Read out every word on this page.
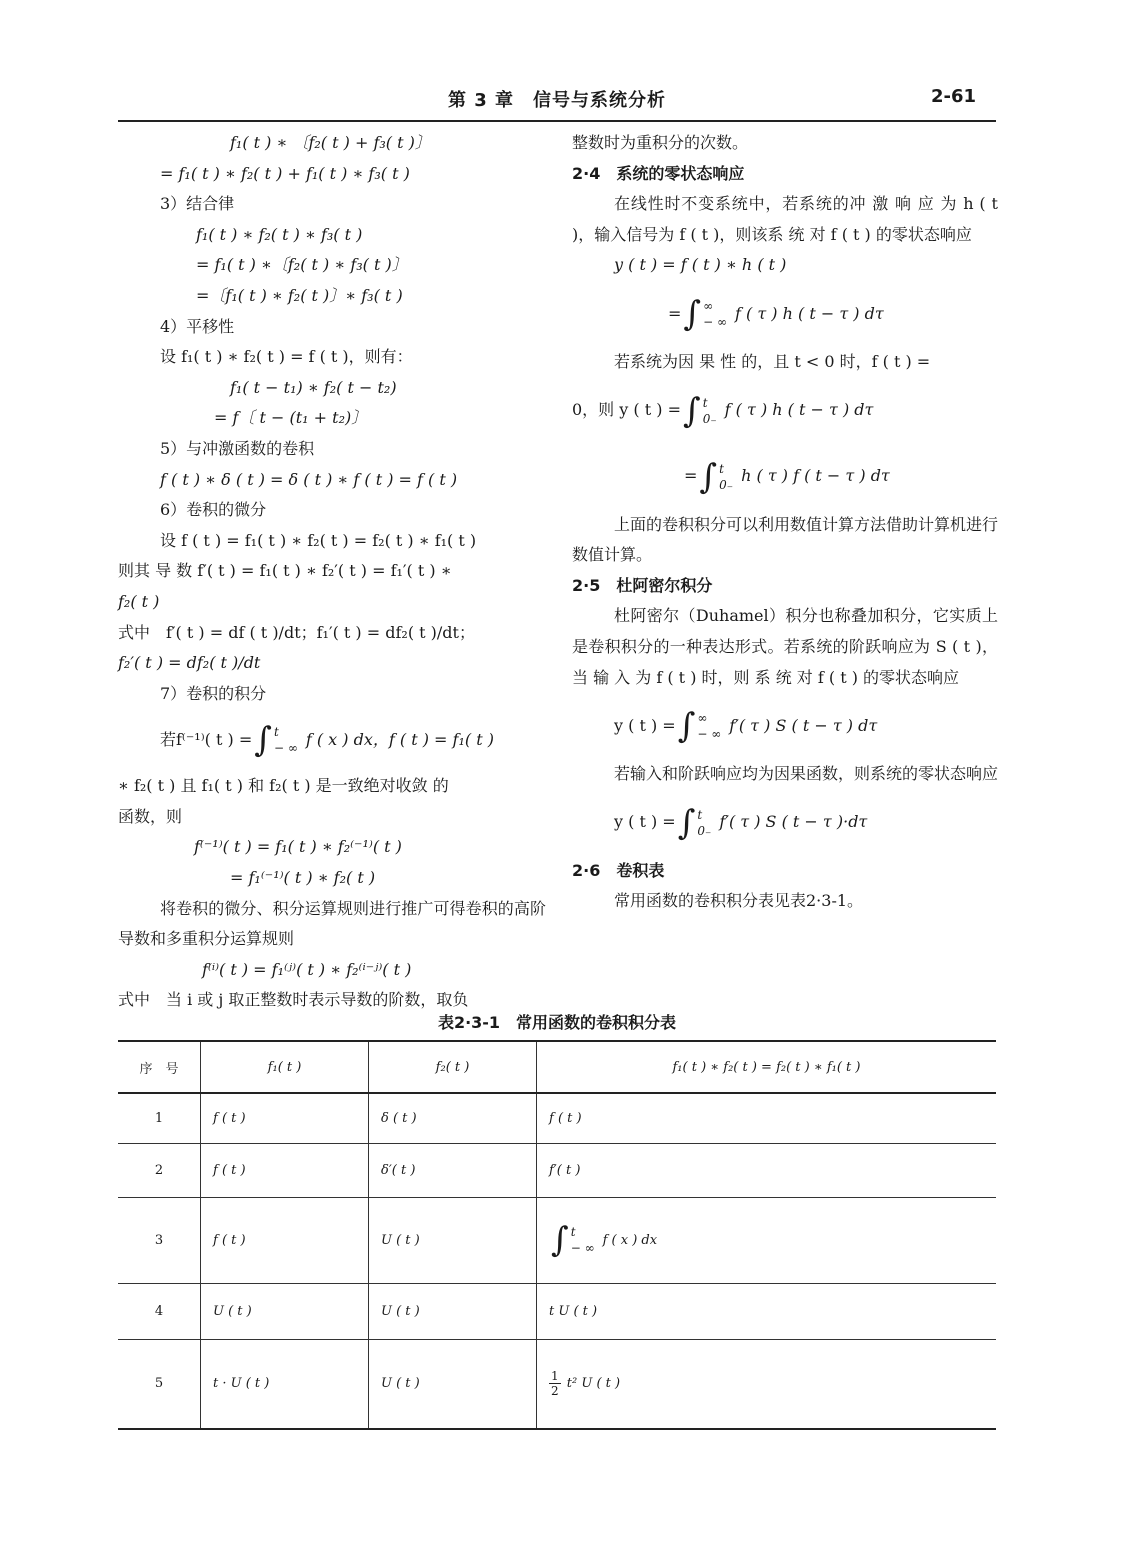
第 3 章　信号与系统分析	2-61
f₁( t ) ∗ 〔f₂( t ) + f₃( t )〕
= f₁( t ) ∗ f₂( t ) + f₁( t ) ∗ f₃( t )
3）结合律
f₁( t ) ∗ f₂( t ) ∗ f₃( t )
= f₁( t ) ∗〔f₂( t ) ∗ f₃( t )〕
=〔f₁( t ) ∗ f₂( t )〕∗ f₃( t )
4）平移性
设 f₁( t ) ∗ f₂( t ) = f ( t )，则有：
f₁( t − t₁) ∗ f₂( t − t₂)
= f〔 t − (t₁ + t₂)〕
5）与冲激函数的卷积
f ( t ) ∗ δ ( t ) = δ ( t ) ∗ f ( t ) = f ( t )
6）卷积的微分
设 f ( t ) = f₁( t ) ∗ f₂( t ) = f₂( t ) ∗ f₁( t )
则其 导 数 f′( t ) = f₁( t ) ∗ f₂′( t ) = f₁′( t ) ∗
f₂( t )
式中　f′( t ) = df ( t )/dt；f₁′( t ) = df₂( t )/dt；
f₂′( t ) = df₂( t )/dt
7）卷积的积分
若f⁽⁻¹⁾( t ) = ∫ t
− ∞ f ( x ) dx，f ( t ) = f₁( t )
∗ f₂( t ) 且 f₁( t ) 和 f₂( t ) 是一致绝对收敛 的
函数，则
f⁽⁻¹⁾( t ) = f₁( t ) ∗ f₂⁽⁻¹⁾( t )
= f₁⁽⁻¹⁾( t ) ∗ f₂( t )

将卷积的微分、积分运算规则进行推广可得卷积的高阶导数和多重积分运算规则

f⁽ⁱ⁾( t ) = f₁⁽ʲ⁾( t ) ∗ f₂⁽ⁱ⁻ʲ⁾( t )
式中　当 i 或 j 取正整数时表示导数的阶数，取负
整数时为重积分的次数。
2·4　系统的零状态响应

在线性时不变系统中，若系统的冲 激 响 应 为 h ( t )，输入信号为 f ( t )，则该系 统 对 f ( t ) 的零状态响应

y ( t ) = f ( t ) ∗ h ( t )
= ∫ ∞
− ∞ f ( τ ) h ( t − τ ) dτ
若系统为因 果 性 的，且 t < 0 时，f ( t ) =
0，则 y ( t ) = ∫ t
0₋ f ( τ ) h ( t − τ ) dτ
= ∫ t
0₋ h ( τ ) f ( t − τ ) dτ

上面的卷积积分可以利用数值计算方法借助计算机进行数值计算。

2·5　杜阿密尔积分

杜阿密尔（Duhamel）积分也称叠加积分，它实质上是卷积积分的一种表达形式。若系统的阶跃响应为 S ( t )，当 输 入 为 f ( t ) 时，则 系 统 对 f ( t ) 的零状态响应

y ( t ) = ∫ ∞
− ∞ f′( τ ) S ( t − τ ) dτ

若输入和阶跃响应均为因果函数，则系统的零状态响应

y ( t ) = ∫ t
0₋ f′( τ ) S ( t − τ )·dτ
2·6　卷积表
常用函数的卷积积分表见表2·3-1。
表2·3-1　常用函数的卷积积分表
序　号	f₁( t )	f₂( t )	f₁( t ) ∗ f₂( t ) = f₂( t ) ∗ f₁( t )
1	f ( t )	δ ( t )	f ( t )
2	f ( t )	δ′( t )	f′( t )
3	f ( t )	U ( t )	∫ t
− ∞
f ( x ) dx

4	U ( t )	U ( t )	t U ( t )
5	t · U ( t )	U ( t )	$\frac{1}{2} t^2$ U ( t )
